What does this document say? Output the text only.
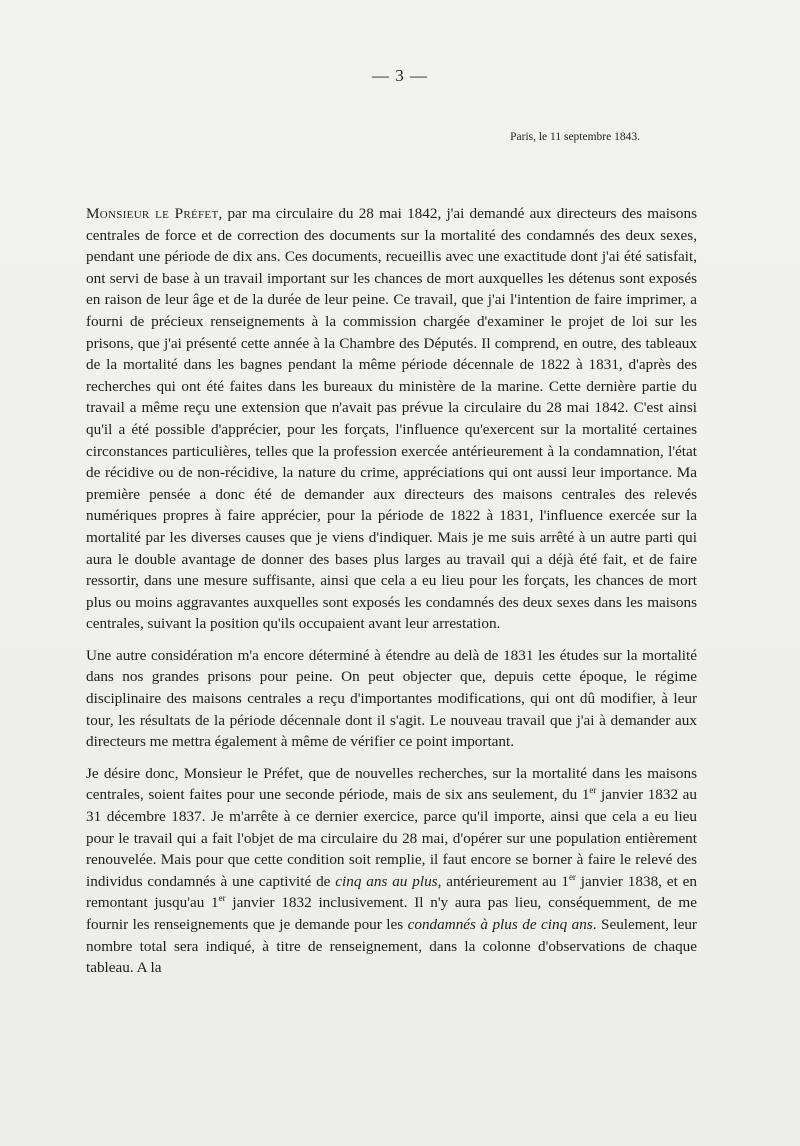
— 3 —
Paris, le 11 septembre 1843.

Monsieur le Préfet, par ma circulaire du 28 mai 1842, j'ai demandé aux directeurs des maisons centrales de force et de correction des documents sur la mortalité des condamnés des deux sexes, pendant une période de dix ans. Ces documents, recueillis avec une exactitude dont j'ai été satisfait, ont servi de base à un travail important sur les chances de mort auxquelles les détenus sont exposés en raison de leur âge et de la durée de leur peine. Ce travail, que j'ai l'intention de faire imprimer, a fourni de précieux renseignements à la commission chargée d'examiner le projet de loi sur les prisons, que j'ai présenté cette année à la Chambre des Députés. Il comprend, en outre, des tableaux de la mortalité dans les bagnes pendant la même période décennale de 1822 à 1831, d'après des recherches qui ont été faites dans les bureaux du ministère de la marine. Cette dernière partie du travail a même reçu une extension que n'avait pas prévue la circulaire du 28 mai 1842. C'est ainsi qu'il a été possible d'apprécier, pour les forçats, l'influence qu'exercent sur la mortalité certaines circonstances particulières, telles que la profession exercée antérieurement à la condamnation, l'état de récidive ou de non-récidive, la nature du crime, appréciations qui ont aussi leur importance. Ma première pensée a donc été de demander aux directeurs des maisons centrales des relevés numériques propres à faire apprécier, pour la période de 1822 à 1831, l'influence exercée sur la mortalité par les diverses causes que je viens d'indiquer. Mais je me suis arrêté à un autre parti qui aura le double avantage de donner des bases plus larges au travail qui a déjà été fait, et de faire ressortir, dans une mesure suffisante, ainsi que cela a eu lieu pour les forçats, les chances de mort plus ou moins aggravantes auxquelles sont exposés les condamnés des deux sexes dans les maisons centrales, suivant la position qu'ils occupaient avant leur arrestation.

Une autre considération m'a encore déterminé à étendre au delà de 1831 les études sur la mortalité dans nos grandes prisons pour peine. On peut objecter que, depuis cette époque, le régime disciplinaire des maisons centrales a reçu d'importantes modifications, qui ont dû modifier, à leur tour, les résultats de la période décennale dont il s'agit. Le nouveau travail que j'ai à demander aux directeurs me mettra également à même de vérifier ce point important.

Je désire donc, Monsieur le Préfet, que de nouvelles recherches, sur la mortalité dans les maisons centrales, soient faites pour une seconde période, mais de six ans seulement, du 1er janvier 1832 au 31 décembre 1837. Je m'arrête à ce dernier exercice, parce qu'il importe, ainsi que cela a eu lieu pour le travail qui a fait l'objet de ma circulaire du 28 mai, d'opérer sur une population entièrement renouvelée. Mais pour que cette condition soit remplie, il faut encore se borner à faire le relevé des individus condamnés à une captivité de cinq ans au plus, antérieurement au 1er janvier 1838, et en remontant jusqu'au 1er janvier 1832 inclusivement. Il n'y aura pas lieu, conséquemment, de me fournir les renseignements que je demande pour les condamnés à plus de cinq ans. Seulement, leur nombre total sera indiqué, à titre de renseignement, dans la colonne d'observations de chaque tableau. A la
